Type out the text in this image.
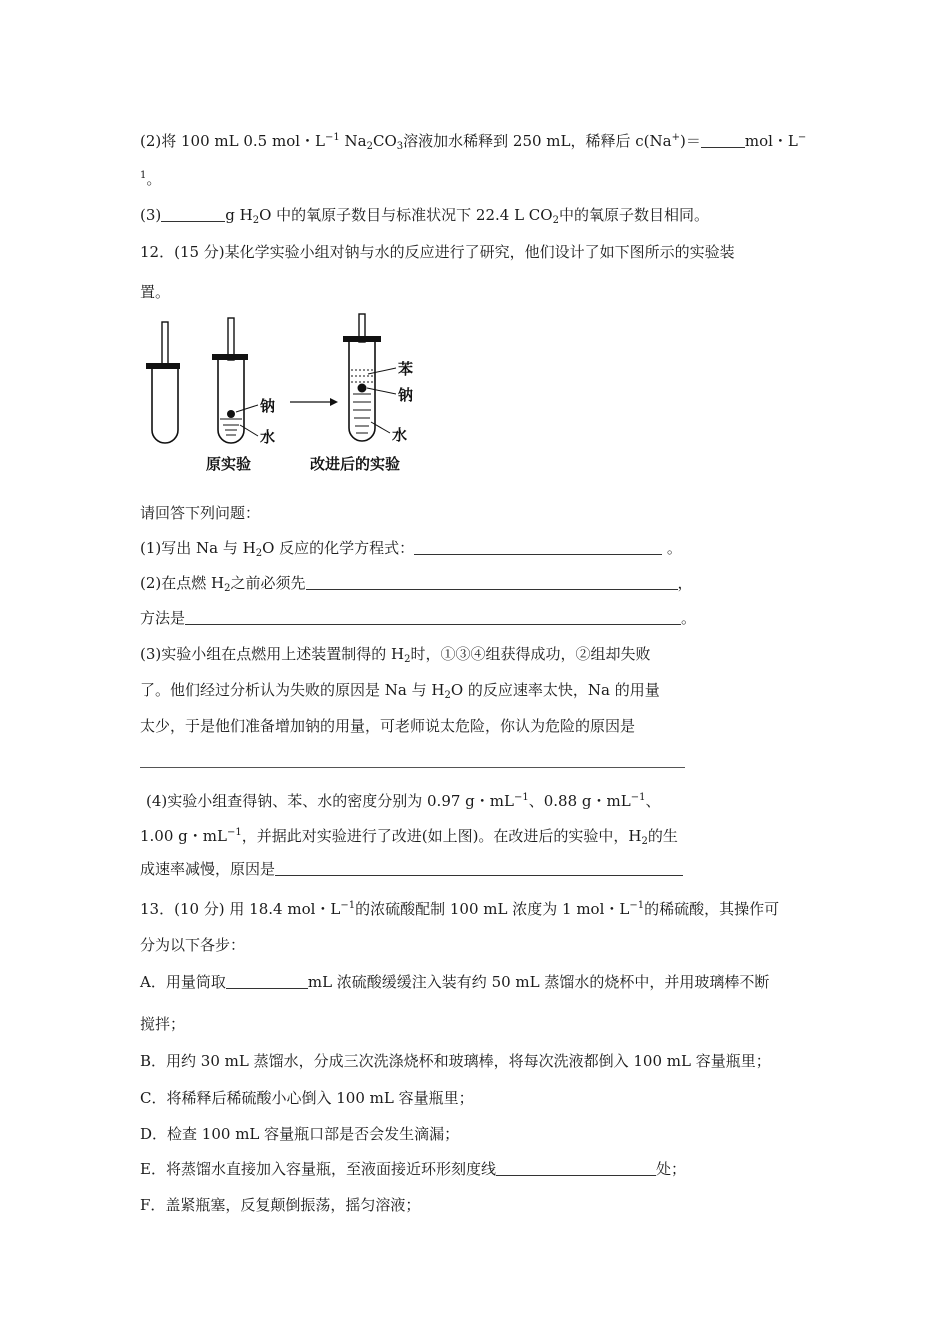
(2)将 100 mL 0.5 mol・$L^{-1}$ $Na_2CO_3$溶液加水稀释到 250 mL，稀释后 c(Na+)＝	mol・L−
$^1$。
(3)	g $H_2O$ 中的氧原子数目与标准状况下 22.4 L $CO_2$中的氧原子数目相同。
12．(15 分)某化学实验小组对钠与水的反应进行了研究，他们设计了如下图所示的实验装
置。
钠
水
苯
钠
水
原实验	改进后的实验
请回答下列问题：
(1)写出 Na 与 $H_2O$ 反应的化学方程式：	。
(2)在点燃 $H_2$之前必须先	，
方法是	。
(3)实验小组在点燃用上述装置制得的 $H_2$时，①③④组获得成功，②组却失败
了。他们经过分析认为失败的原因是 Na 与 $H_2O$ 的反应速率太快，Na 的用量
太少，于是他们准备增加钠的用量，可老师说太危险，你认为危险的原因是
(4)实验小组查得钠、苯、水的密度分别为 0.97 g・$mL^{-1}$、0.88 g・$mL^{-1}$、
1.00 g・$mL^{-1}$，并据此对实验进行了改进(如上图)。在改进后的实验中，$H_2$的生
成速率减慢，原因是
13．(10 分) 用 18.4 mol・$L^{-1}$的浓硫酸配制 100 mL 浓度为 1 mol・$L^{-1}$的稀硫酸，其操作可
分为以下各步：
A．用量筒取	mL 浓硫酸缓缓注入装有约 50 mL 蒸馏水的烧杯中，并用玻璃棒不断
搅拌；
B．用约 30 mL 蒸馏水，分成三次洗涤烧杯和玻璃棒，将每次洗液都倒入 100 mL 容量瓶里；
C．将稀释后稀硫酸小心倒入 100 mL 容量瓶里；
D．检查 100 mL 容量瓶口部是否会发生滴漏；
E．将蒸馏水直接加入容量瓶，至液面接近环形刻度线	处；
F．盖紧瓶塞，反复颠倒振荡，摇匀溶液；
